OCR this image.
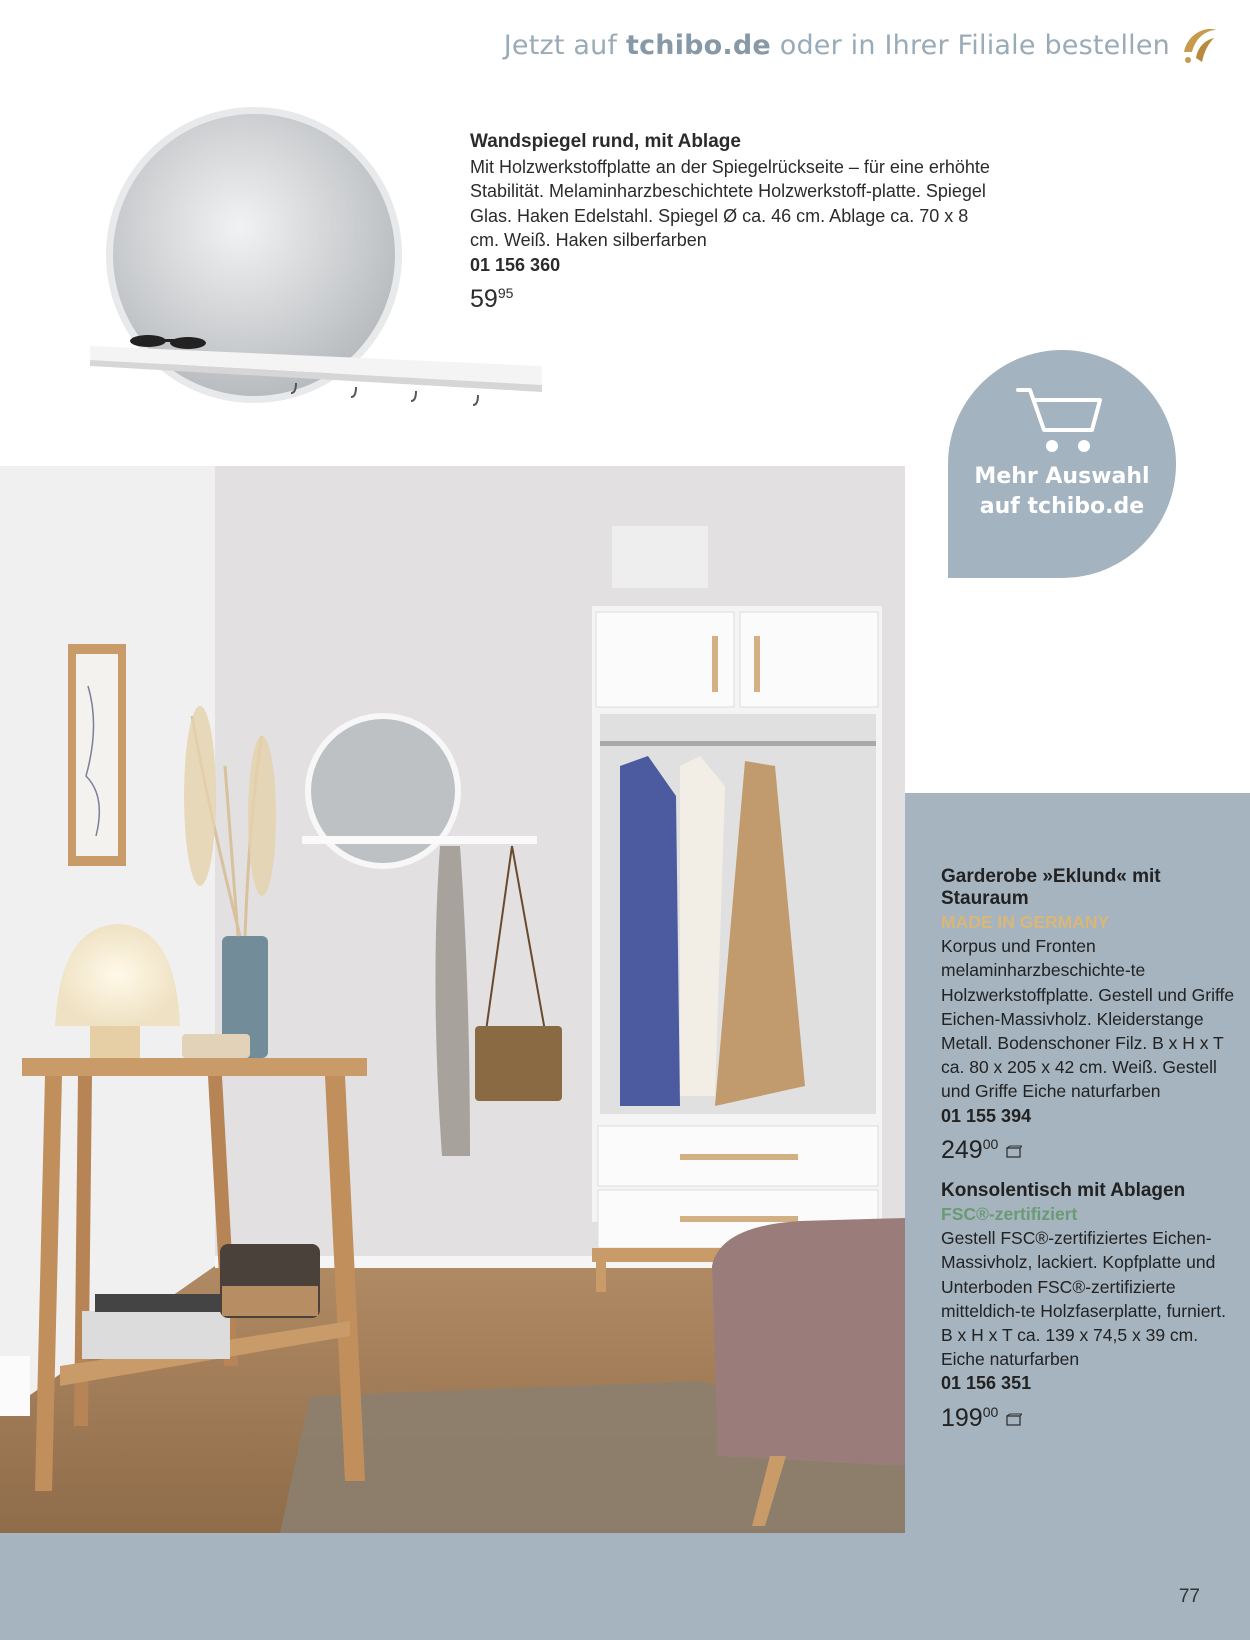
Jetzt auf tchibo.de oder in Ihrer Filiale bestellen
Wandspiegel rund, mit Ablage
Mit Holzwerkstoffplatte an der Spiegelrückseite – für eine erhöhte Stabilität. Melaminharzbeschichtete Holzwerkstoff-platte. Spiegel Glas. Haken Edelstahl. Spiegel Ø ca. 46 cm. Ablage ca. 70 x 8 cm. Weiß. Haken silberfarben
01 156 360
$59^{95}$
Mehr Auswahl
auf tchibo.de
Garderobe »Eklund« mit Stauraum
MADE IN GERMANY
Korpus und Fronten melaminharzbeschichte-te Holzwerkstoffplatte. Gestell und Griffe Eichen-Massivholz. Kleiderstange Metall. Bodenschoner Filz. B x H x T ca. 80 x 205 x 42 cm. Weiß. Gestell und Griffe Eiche naturfarben
01 155 394
$249^{00}$
Konsolentisch mit Ablagen
FSC®-zertifiziert
Gestell FSC®-zertifiziertes Eichen-Massivholz, lackiert. Kopfplatte und Unterboden FSC®-zertifizierte mitteldich-te Holzfaserplatte, furniert. B x H x T ca. 139 x 74,5 x 39 cm. Eiche naturfarben
01 156 351
$199^{00}$
77
